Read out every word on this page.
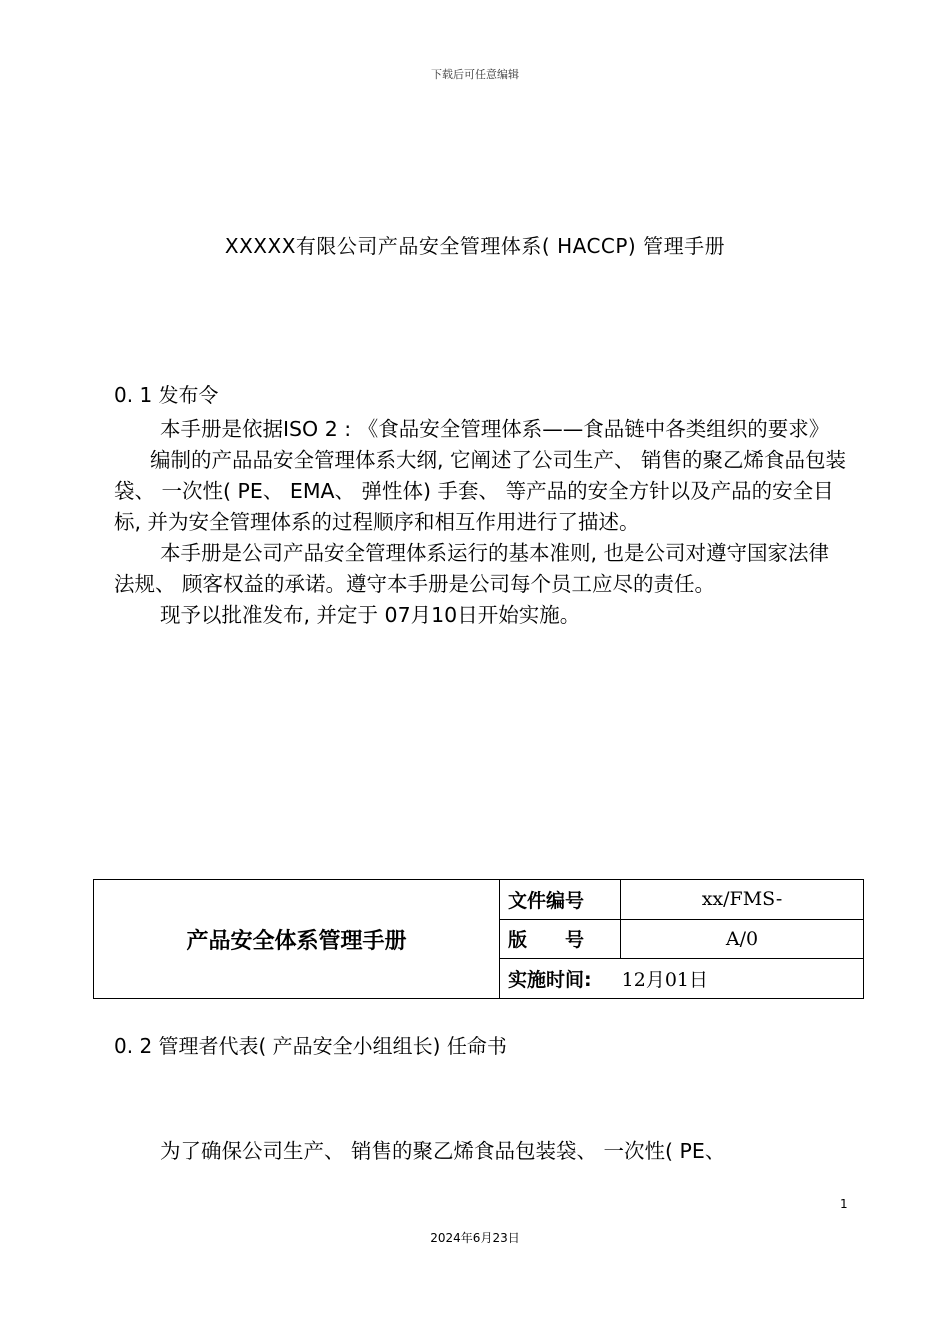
下载后可任意编辑
XXXXX有限公司产品安全管理体系( HACCP) 管理手册
0. 1 发布令

本手册是依据ISO 2 : 《食品安全管理体系——食品链中各类组织的要求》

编制的产品品安全管理体系大纲, 它阐述了公司生产、 销售的聚乙烯食品包装袋、 一次性( PE、 EMA、 弹性体) 手套、 等产品的安全方针以及产品的安全目标, 并为安全管理体系的过程顺序和相互作用进行了描述。

本手册是公司产品安全管理体系运行的基本准则, 也是公司对遵守国家法律法规、 顾客权益的承诺。遵守本手册是公司每个员工应尽的责任。

现予以批准发布, 并定于 07月10日开始实施。

产品安全体系管理手册	文件编号	xx/FMS-
	版　　号	A/0
	实施时间: 12月01日	
0. 2 管理者代表( 产品安全小组组长) 任命书

为了确保公司生产、 销售的聚乙烯食品包装袋、 一次性( PE、

1
2024年6月23日
